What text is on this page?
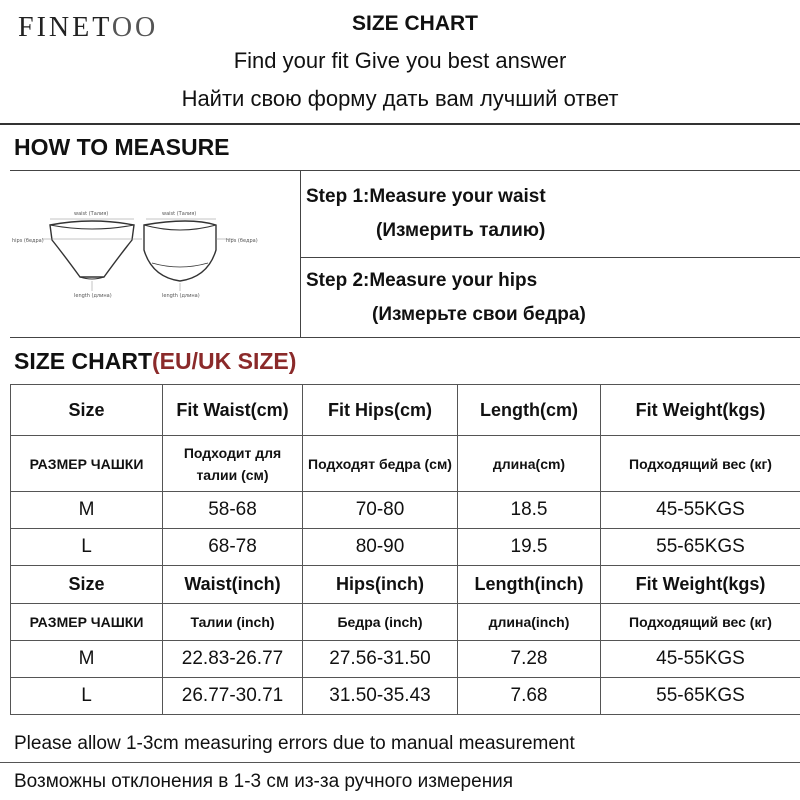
FINETOO	SIZE CHART
Find your fit Give you best answer
Найти свою форму дать вам лучший ответ
HOW TO MEASURE
waist (Талия)
hips (бедра)
length (длина)
waist (Талия)
hips (бедра)
length (длина)
Step 1:Measure your waist
(Измерить талию)
Step 2:Measure your hips
(Измерьте свои бедра)
SIZE CHART(EU/UK SIZE)
Size	Fit Waist(cm)	Fit Hips(cm)	Length(cm)	Fit Weight(kgs)
РАЗМЕР ЧАШКИ	Подходит для талии (см)	Подходят бедра (см)	длина(cm)	Подходящий вес (кг)
M	58-68	70-80	18.5	45-55KGS
L	68-78	80-90	19.5	55-65KGS
Size	Waist(inch)	Hips(inch)	Length(inch)	Fit Weight(kgs)
РАЗМЕР ЧАШКИ	Талии (inch)	Бедра (inch)	длина(inch)	Подходящий вес (кг)
M	22.83-26.77	27.56-31.50	7.28	45-55KGS
L	26.77-30.71	31.50-35.43	7.68	55-65KGS
Please allow 1-3cm measuring errors due to manual measurement
Возможны отклонения в 1-3 см из-за ручного измерения
